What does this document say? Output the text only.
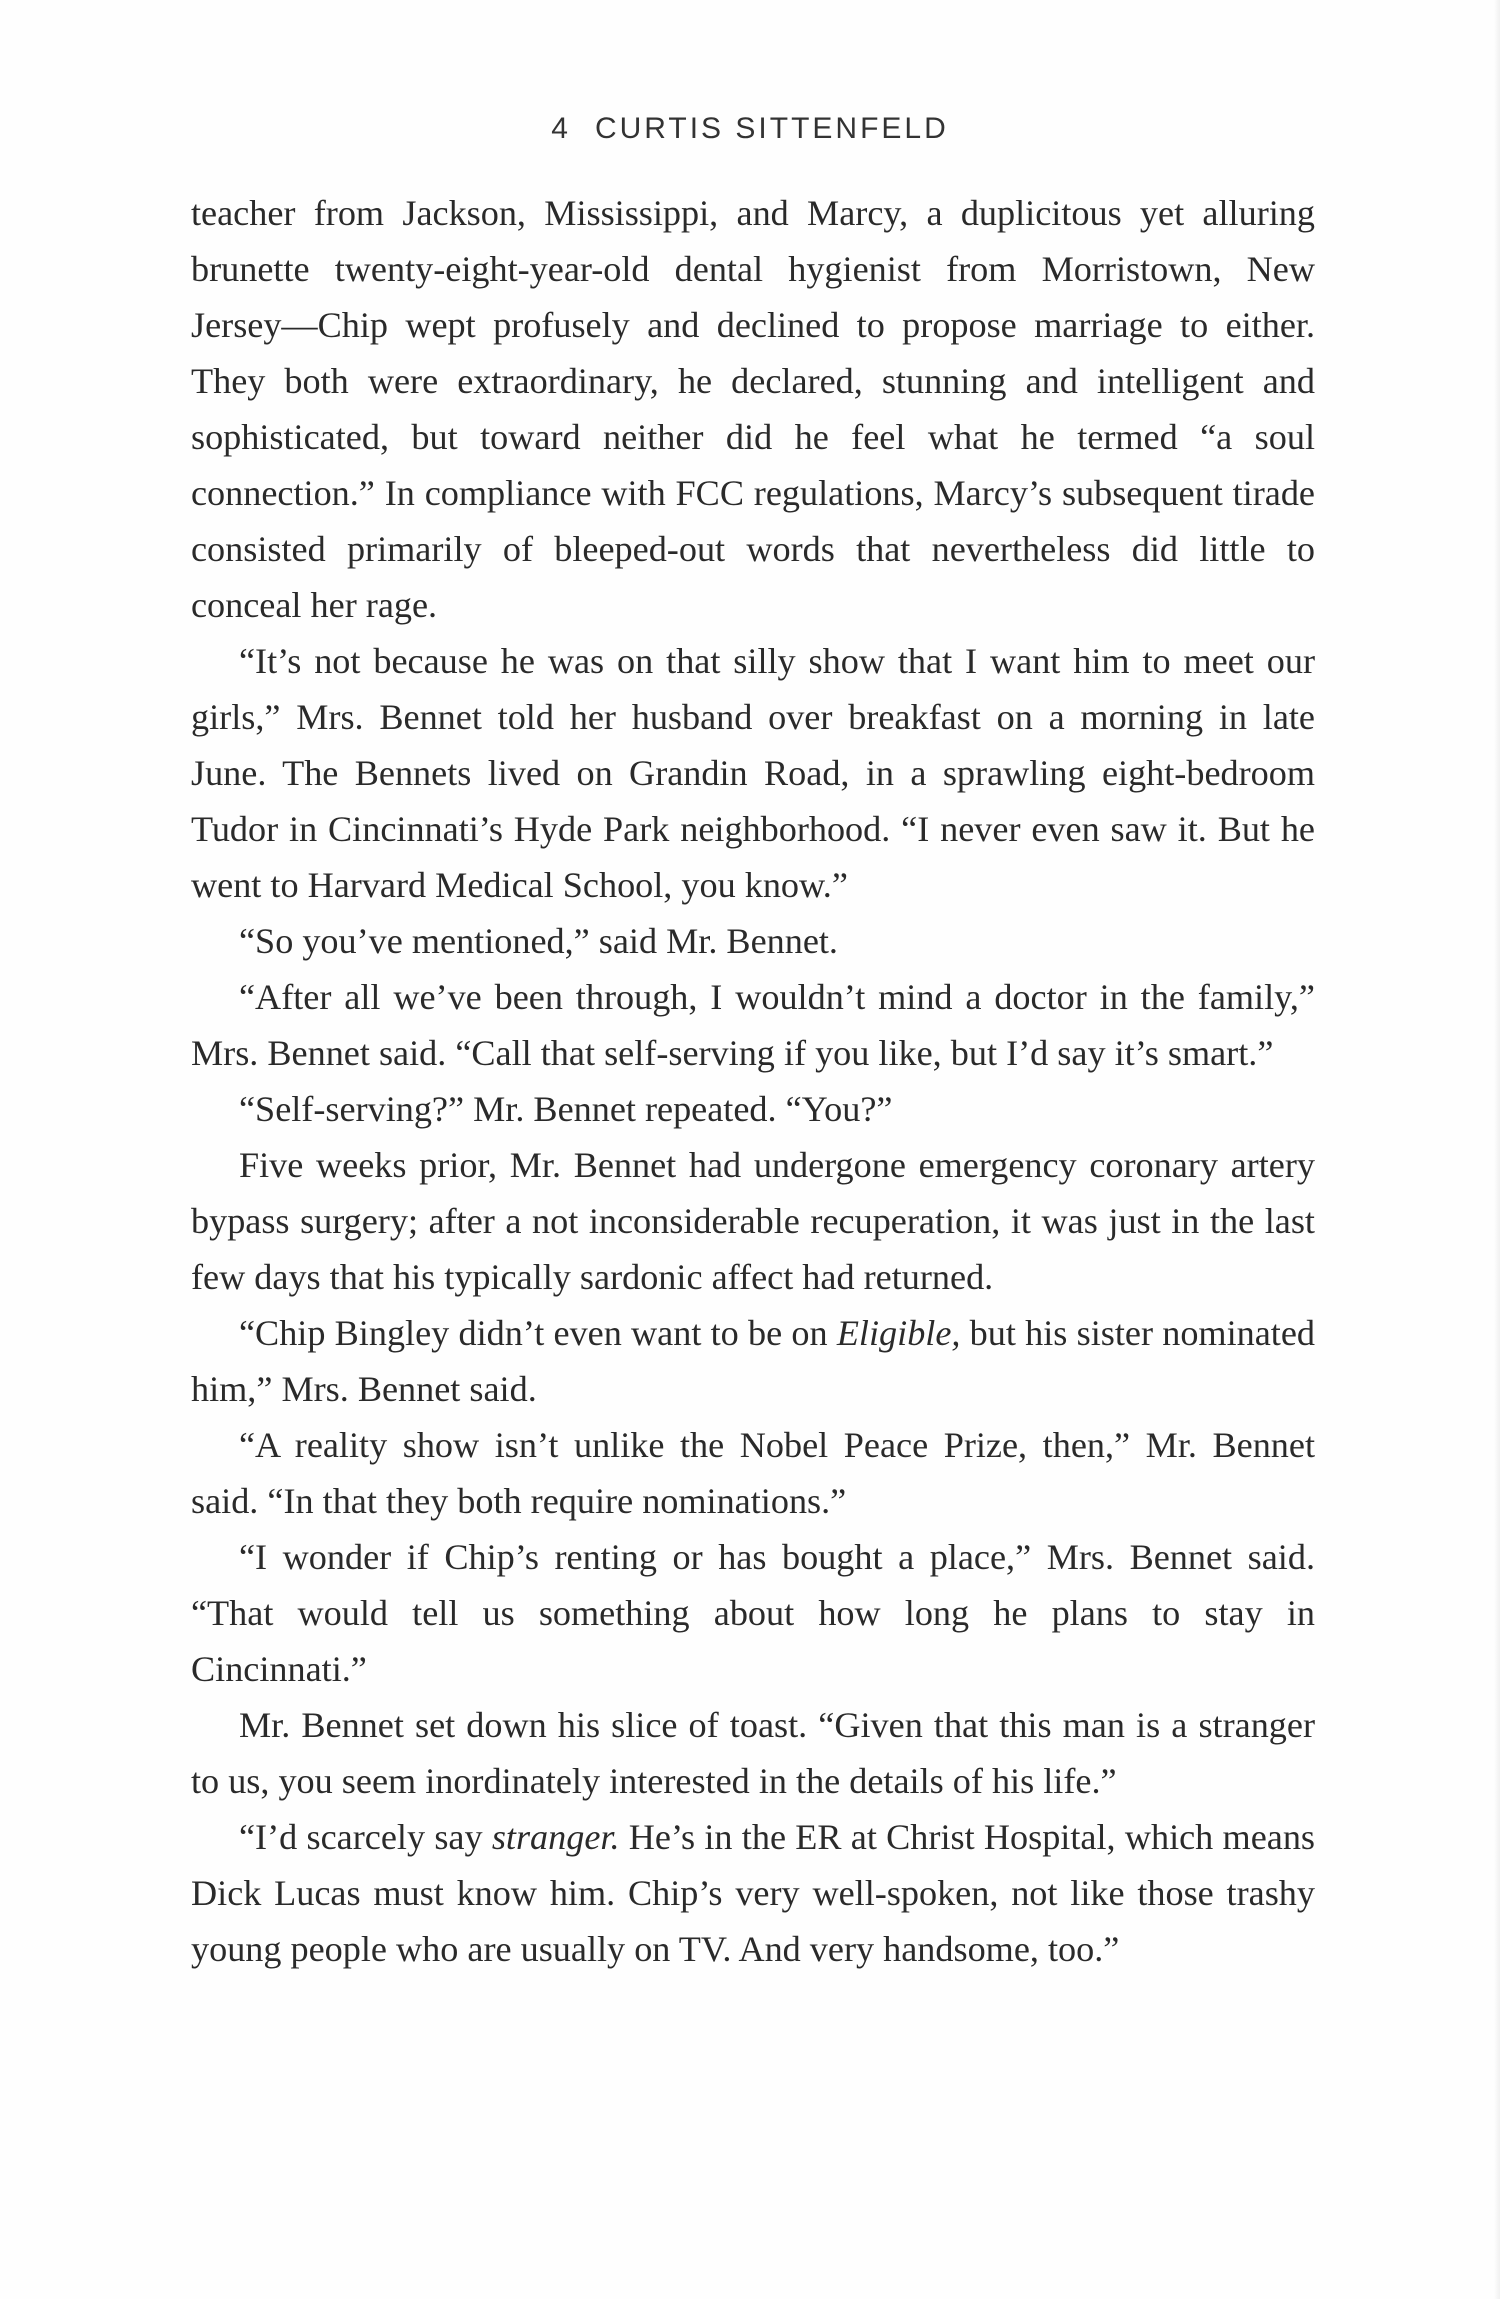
4 CURTIS SITTENFELD

teacher from Jackson, Mississippi, and Marcy, a duplicitous yet alluring brunette twenty-eight-year-old dental hygienist from Morristown, New Jersey—Chip wept profusely and declined to propose marriage to either. They both were extraordinary, he declared, stunning and intelligent and sophisticated, but toward neither did he feel what he termed “a soul connection.” In compliance with FCC regulations, Marcy’s subsequent tirade consisted primarily of bleeped-out words that nevertheless did little to conceal her rage.

“It’s not because he was on that silly show that I want him to meet our girls,” Mrs. Bennet told her husband over breakfast on a morning in late June. The Bennets lived on Grandin Road, in a sprawling eight-bedroom Tudor in Cincinnati’s Hyde Park neighborhood. “I never even saw it. But he went to Harvard Medical School, you know.”

“So you’ve mentioned,” said Mr. Bennet.

“After all we’ve been through, I wouldn’t mind a doctor in the family,” Mrs. Bennet said. “Call that self-serving if you like, but I’d say it’s smart.”

“Self-serving?” Mr. Bennet repeated. “You?”

Five weeks prior, Mr. Bennet had undergone emergency coronary artery bypass surgery; after a not inconsiderable recuperation, it was just in the last few days that his typically sardonic affect had returned.

“Chip Bingley didn’t even want to be on Eligible, but his sister nominated him,” Mrs. Bennet said.

“A reality show isn’t unlike the Nobel Peace Prize, then,” Mr. Bennet said. “In that they both require nominations.”

“I wonder if Chip’s renting or has bought a place,” Mrs. Bennet said. “That would tell us something about how long he plans to stay in Cincinnati.”

Mr. Bennet set down his slice of toast. “Given that this man is a stranger to us, you seem inordinately interested in the details of his life.”

“I’d scarcely say stranger. He’s in the ER at Christ Hospital, which means Dick Lucas must know him. Chip’s very well-spoken, not like those trashy young people who are usually on TV. And very handsome, too.”
